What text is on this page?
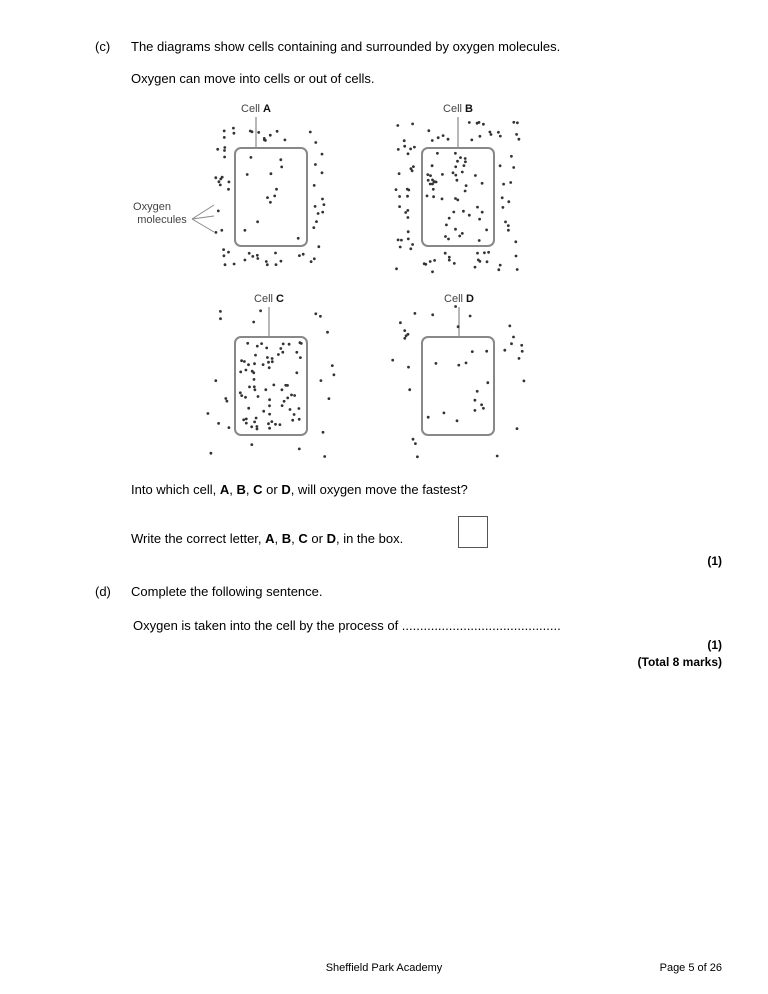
(c) The diagrams show cells containing and surrounded by oxygen molecules.
Oxygen can move into cells or out of cells.
Cell A	Cell B
Cell C	Cell D
Oxygen
molecules
Into which cell, A, B, C or D, will oxygen move the fastest?
Write the correct letter, A, B, C or D, in the box.
(1)
(d) Complete the following sentence.
Oxygen is taken into the cell by the process of ............................................
(1)
(Total 8 marks)
Sheffield Park Academy	Page 5 of 26
